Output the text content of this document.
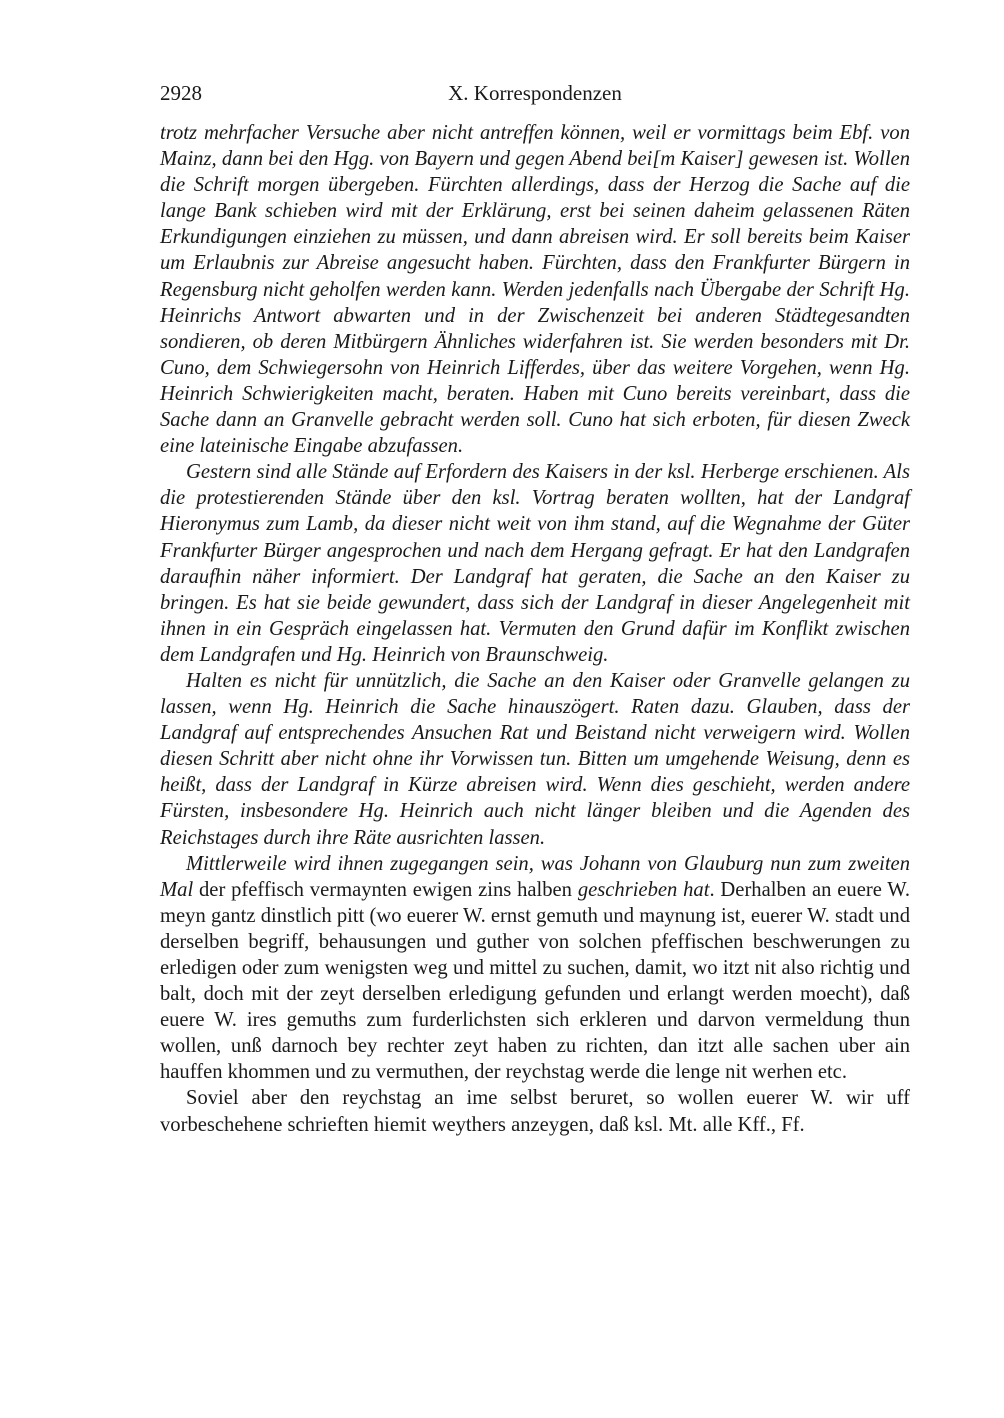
2928	X. Korrespondenzen

trotz mehrfacher Versuche aber nicht antreffen können, weil er vormittags beim Ebf. von Mainz, dann bei den Hgg. von Bayern und gegen Abend bei[m Kaiser] gewesen ist. Wollen die Schrift morgen übergeben. Fürchten allerdings, dass der Herzog die Sache auf die lange Bank schieben wird mit der Erklärung, erst bei seinen daheim gelassenen Räten Erkundigungen einziehen zu müssen, und dann abreisen wird. Er soll bereits beim Kaiser um Erlaubnis zur Abreise angesucht haben. Fürchten, dass den Frankfurter Bürgern in Regensburg nicht geholfen werden kann. Werden jedenfalls nach Übergabe der Schrift Hg. Heinrichs Antwort abwarten und in der Zwischenzeit bei anderen Städtegesandten sondieren, ob deren Mitbürgern Ähnliches widerfahren ist. Sie werden besonders mit Dr. Cuno, dem Schwiegersohn von Heinrich Lifferdes, über das weitere Vorgehen, wenn Hg. Heinrich Schwierigkeiten macht, beraten. Haben mit Cuno bereits vereinbart, dass die Sache dann an Granvelle gebracht werden soll. Cuno hat sich erboten, für diesen Zweck eine lateinische Eingabe abzufassen.

Gestern sind alle Stände auf Erfordern des Kaisers in der ksl. Herberge erschienen. Als die protestierenden Stände über den ksl. Vortrag beraten wollten, hat der Landgraf Hieronymus zum Lamb, da dieser nicht weit von ihm stand, auf die Wegnahme der Güter Frankfurter Bürger angesprochen und nach dem Hergang gefragt. Er hat den Landgrafen daraufhin näher informiert. Der Landgraf hat geraten, die Sache an den Kaiser zu bringen. Es hat sie beide gewundert, dass sich der Landgraf in dieser Angelegenheit mit ihnen in ein Gespräch eingelassen hat. Vermuten den Grund dafür im Konflikt zwischen dem Landgrafen und Hg. Heinrich von Braunschweig.

Halten es nicht für unnützlich, die Sache an den Kaiser oder Granvelle gelangen zu lassen, wenn Hg. Heinrich die Sache hinauszögert. Raten dazu. Glauben, dass der Landgraf auf entsprechendes Ansuchen Rat und Beistand nicht verweigern wird. Wollen diesen Schritt aber nicht ohne ihr Vorwissen tun. Bitten um umgehende Weisung, denn es heißt, dass der Landgraf in Kürze abreisen wird. Wenn dies geschieht, werden andere Fürsten, insbesondere Hg. Heinrich auch nicht länger bleiben und die Agenden des Reichstages durch ihre Räte ausrichten lassen.

Mittlerweile wird ihnen zugegangen sein, was Johann von Glauburg nun zum zweiten Mal der pfeffisch vermaynten ewigen zins halben geschrieben hat. Derhalben an euere W. meyn gantz dinstlich pitt (wo euerer W. ernst gemuth und maynung ist, euerer W. stadt und derselben begriff, behausungen und guther von solchen pfeffischen beschwerungen zu erledigen oder zum wenigsten weg und mittel zu suchen, damit, wo itzt nit also richtig und balt, doch mit der zeyt derselben erledigung gefunden und erlangt werden moecht), daß euere W. ires gemuths zum furderlichsten sich erkleren und darvon vermeldung thun wollen, unß darnoch bey rechter zeyt haben zu richten, dan itzt alle sachen uber ain hauffen khommen und zu vermuthen, der reychstag werde die lenge nit werhen etc.

Soviel aber den reychstag an ime selbst beruret, so wollen euerer W. wir uff vorbeschehene schrieften hiemit weythers anzeygen, daß ksl. Mt. alle Kff., Ff.
